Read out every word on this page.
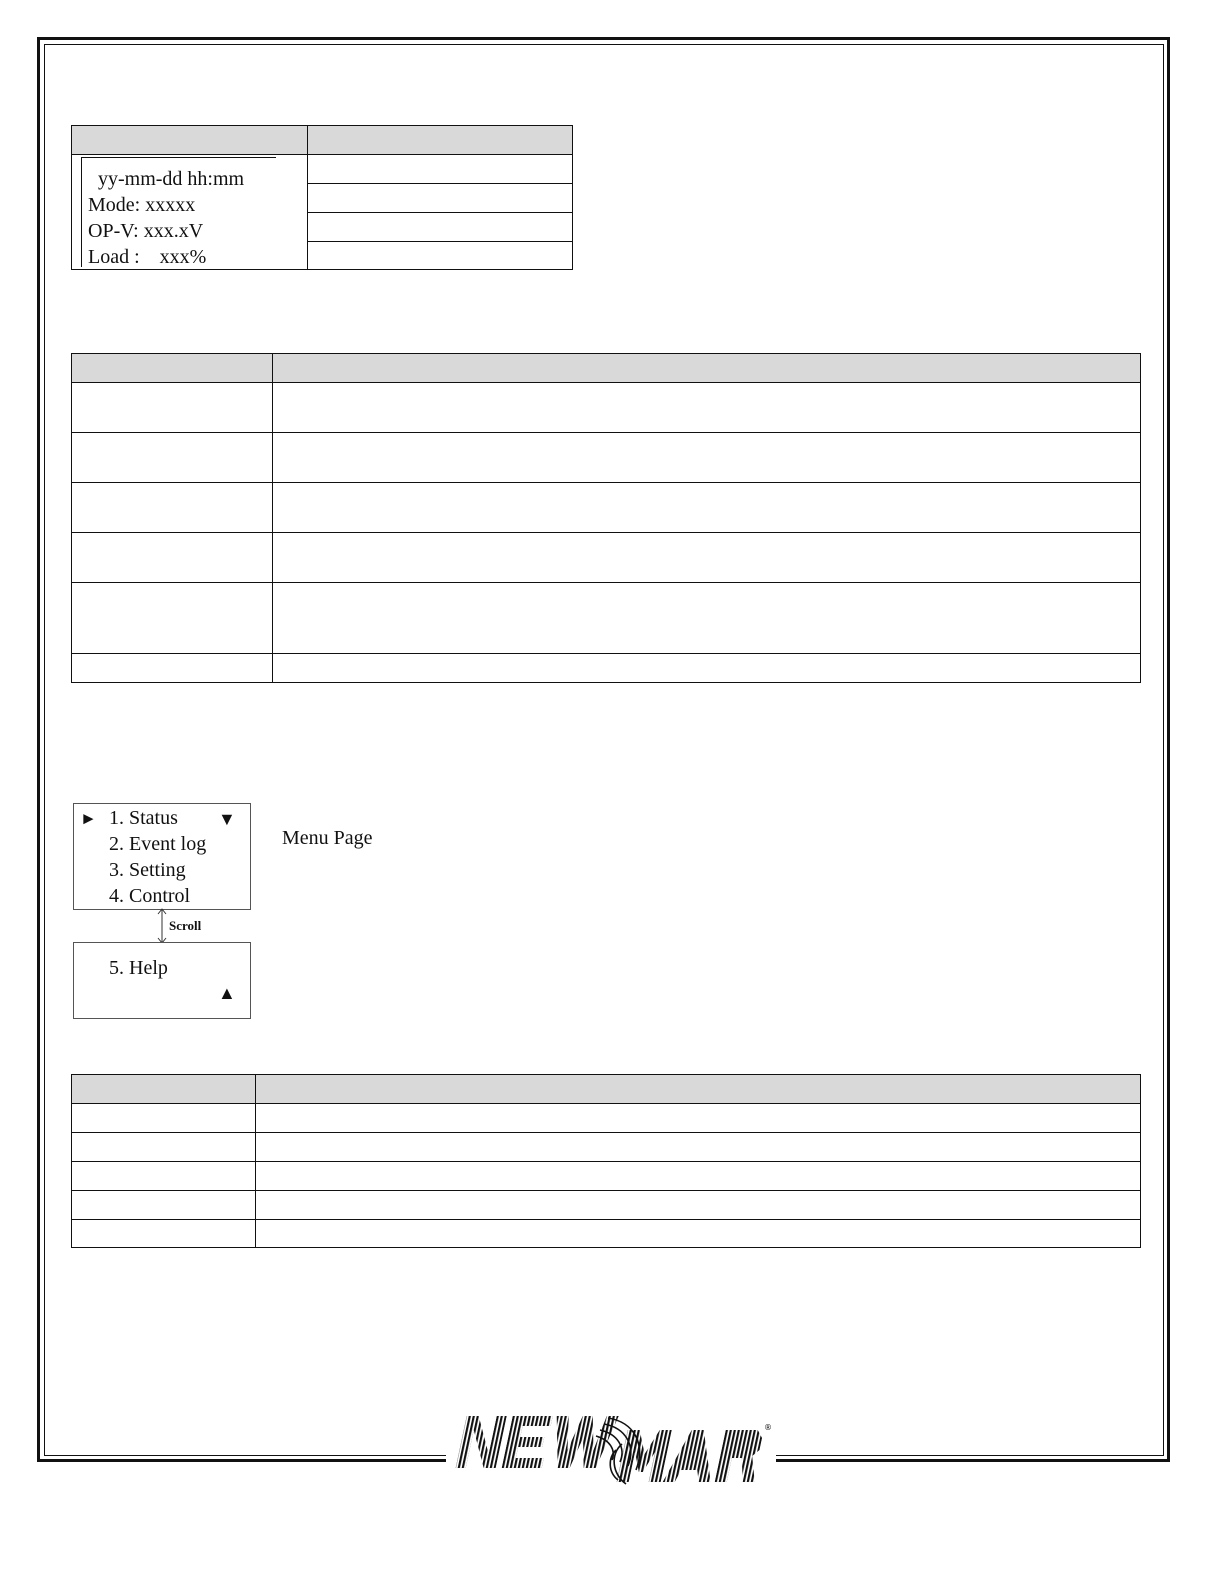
yy-mm-dd hh:mm
Mode: xxxxx
OP-V: xxx.xV
Load :    xxx%

► 1. Status ▼
2. Event log
3. Setting
4. Control
Scroll
5. Help
▲
Menu Page

®
